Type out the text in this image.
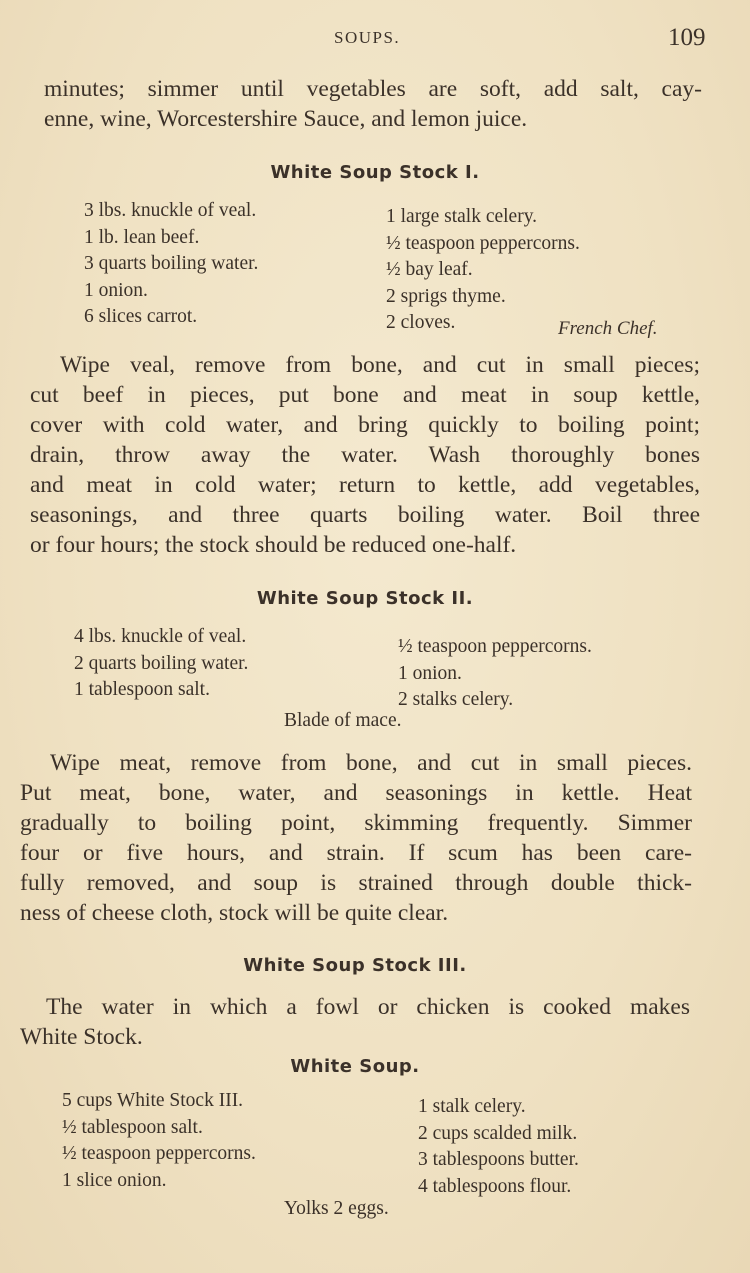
SOUPS.	109
minutes; simmer until vegetables are soft, add salt, cay-
enne, wine, Worcestershire Sauce, and lemon juice.
White Soup Stock I.
3 lbs. knuckle of veal.
1 lb. lean beef.
3 quarts boiling water.
1 onion.
6 slices carrot.
1 large stalk celery.
½ teaspoon peppercorns.
½ bay leaf.
2 sprigs thyme.
2 cloves.	French Chef.
Wipe veal, remove from bone, and cut in small pieces;
cut beef in pieces, put bone and meat in soup kettle,
cover with cold water, and bring quickly to boiling point;
drain, throw away the water. Wash thoroughly bones
and meat in cold water; return to kettle, add vegetables,
seasonings, and three quarts boiling water. Boil three
or four hours; the stock should be reduced one-half.
White Soup Stock II.
4 lbs. knuckle of veal.
2 quarts boiling water.
1 tablespoon salt.
½ teaspoon peppercorns.
1 onion.
2 stalks celery.
Blade of mace.
Wipe meat, remove from bone, and cut in small pieces.
Put meat, bone, water, and seasonings in kettle. Heat
gradually to boiling point, skimming frequently. Simmer
four or five hours, and strain. If scum has been care-
fully removed, and soup is strained through double thick-
ness of cheese cloth, stock will be quite clear.
White Soup Stock III.
The water in which a fowl or chicken is cooked makes
White Stock.
White Soup.
5 cups White Stock III.
½ tablespoon salt.
½ teaspoon peppercorns.
1 slice onion.
1 stalk celery.
2 cups scalded milk.
3 tablespoons butter.
4 tablespoons flour.
Yolks 2 eggs.
